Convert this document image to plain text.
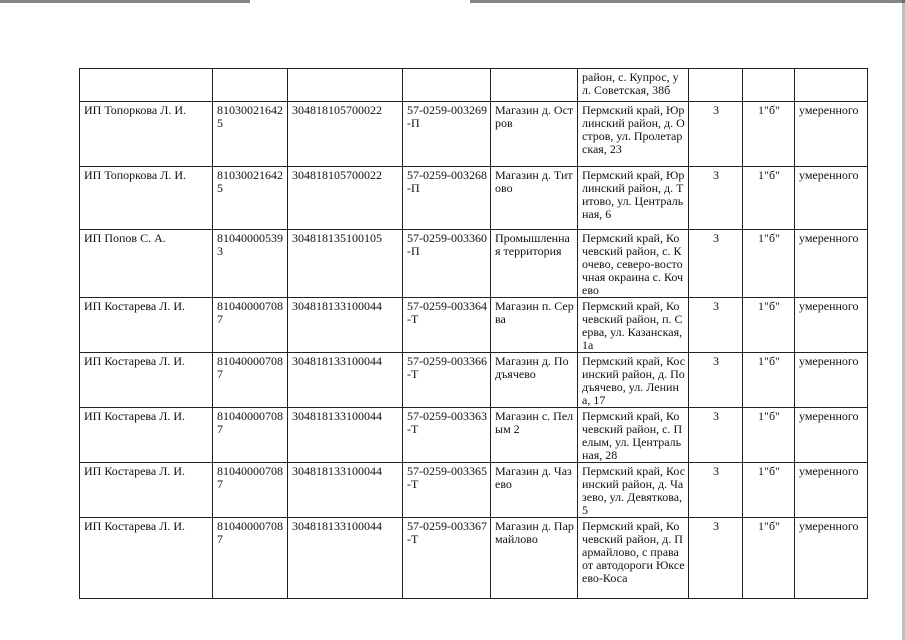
					район, с. Купрос, ул. Советская, 38б			
ИП Топоркова Л. И.	810300216425	304818105700022	57-0259-003269-П	Магазин д. Остров	Пермский край, Юрлинский район, д. Остров, ул. Пролетарская, 23	3	1"б"	умеренного
ИП Топоркова Л. И.	810300216425	304818105700022	57-0259-003268-П	Магазин д. Титово	Пермский край, Юрлинский район, д. Титово, ул. Центральная, 6	3	1"б"	умеренного
ИП Попов С. А.	810400005393	304818135100105	57-0259-003360-П	Промышленная территория	Пермский край, Кочевский район, с. Кочево, северо-восточная окраина с. Кочево	3	1"б"	умеренного
ИП Костарева Л. И.	810400007087	304818133100044	57-0259-003364-Т	Магазин п. Серва	Пермский край, Кочевский район, п. Серва, ул. Казанская, 1а	3	1"б"	умеренного
ИП Костарева Л. И.	810400007087	304818133100044	57-0259-003366-Т	Магазин д. Подъячево	Пермский край, Косинский район, д. Подъячево, ул. Ленина, 17	3	1"б"	умеренного
ИП Костарева Л. И.	810400007087	304818133100044	57-0259-003363-Т	Магазин с. Пелым 2	Пермский край, Кочевский район, с. Пелым, ул. Центральная, 28	3	1"б"	умеренного
ИП Костарева Л. И.	810400007087	304818133100044	57-0259-003365-Т	Магазин д. Чазево	Пермский край, Косинский район, д. Чазево, ул. Девяткова, 5	3	1"б"	умеренного
ИП Костарева Л. И.	810400007087	304818133100044	57-0259-003367-Т	Магазин д. Пармайлово	Пермский край, Кочевский район, д. Пармайлово, с права от автодороги Юксеево-Коса	3	1"б"	умеренного
